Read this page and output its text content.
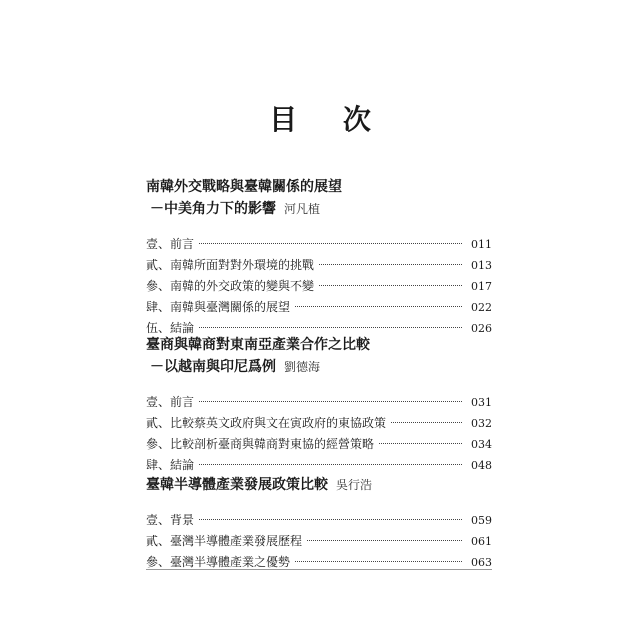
目 次
南韓外交戰略與臺韓關係的展望
－中美角力下的影響 河凡植
壹、前言	011
貳、南韓所面對對外環境的挑戰	013
參、南韓的外交政策的變與不變	017
肆、南韓與臺灣關係的展望	022
伍、結論	026
臺商與韓商對東南亞產業合作之比較
－以越南與印尼爲例 劉德海
壹、前言	031
貳、比較蔡英文政府與文在寅政府的東協政策	032
參、比較剖析臺商與韓商對東協的經營策略	034
肆、結論	048
臺韓半導體產業發展政策比較 吳行浩
壹、背景	059
貳、臺灣半導體產業發展歷程	061
參、臺灣半導體產業之優勢	063
